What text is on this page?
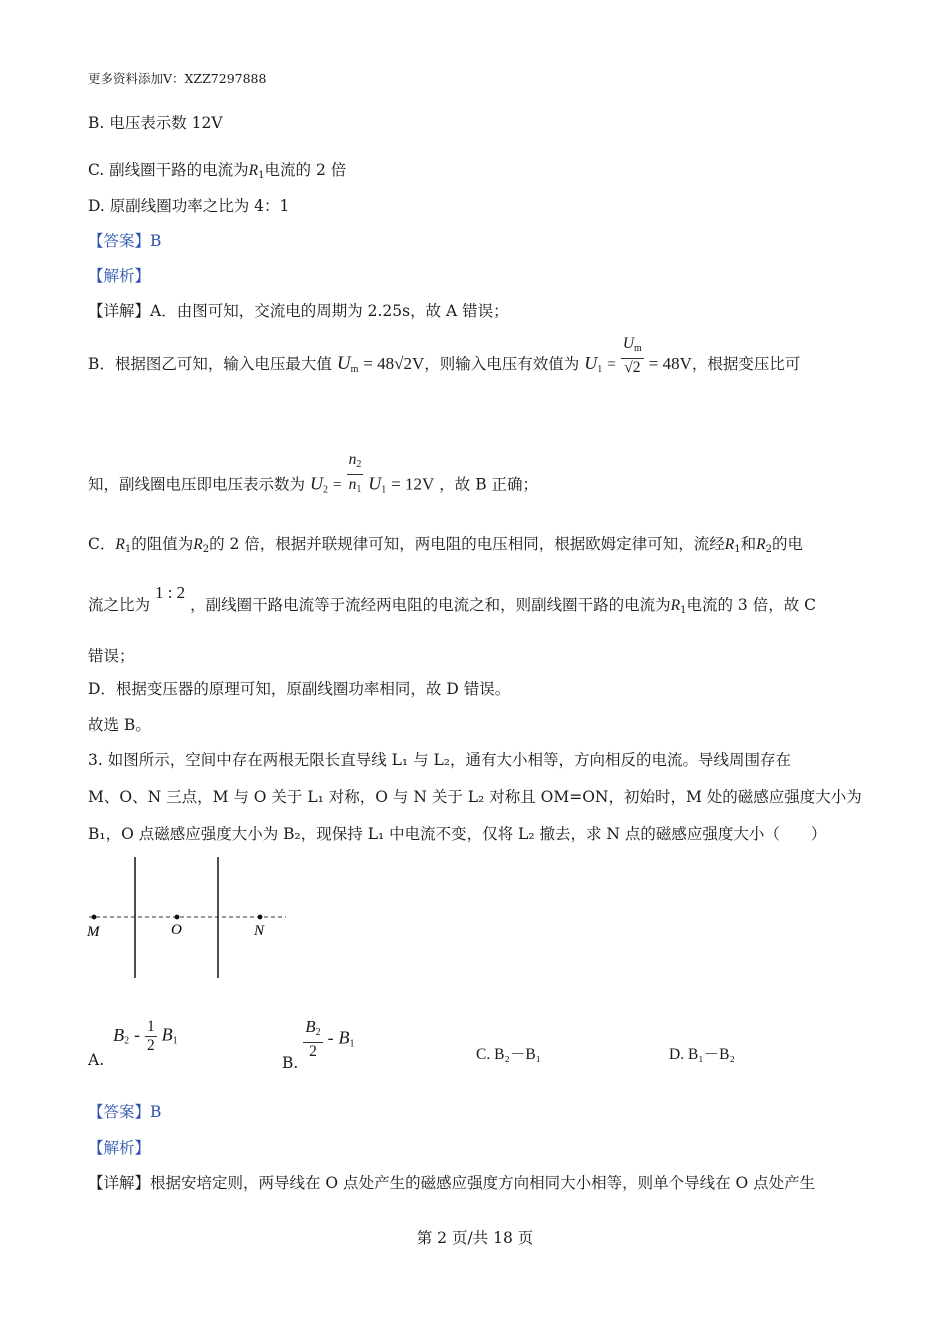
更多资料添加V：XZZ7297888
B. 电压表示数 12V
C. 副线圈干路的电流为$R_1$电流的 2 倍
D. 原副线圈功率之比为 4：1
【答案】B
【解析】
【详解】A．由图可知，交流电的周期为 2.25s，故 A 错误；
B．根据图乙可知，输入电压最大值 $U_m = 48√2V$，则输入电压有效值为 $U_1 = \frac{U_m}{√2} = 48V$，根据变压比可
知，副线圈电压即电压表示数为 $U_2 = \frac{n_2}{n_1} U_1 = 12V$ ，故 B 正确；
C．$R_1$的阻值为$R_2$的 2 倍，根据并联规律可知，两电阻的电压相同，根据欧姆定律可知，流经$R_1$和$R_2$的电
流之比为 1 : 2 ，副线圈干路电流等于流经两电阻的电流之和，则副线圈干路的电流为$R_1$电流的 3 倍，故 C
错误；
D．根据变压器的原理可知，原副线圈功率相同，故 D 错误。
故选 B。
3. 如图所示，空间中存在两根无限长直导线 L₁ 与 L₂，通有大小相等，方向相反的电流。导线周围存在
M、O、N 三点，M 与 O 关于 L₁ 对称，O 与 N 关于 L₂ 对称且 OM=ON，初始时，M 处的磁感应强度大小为
B₁，O 点磁感应强度大小为 B₂，现保持 L₁ 中电流不变，仅将 L₂ 撤去，求 N 点的磁感应强度大小（　　）
M	O	N
A. $B_2 - \frac{1}{2} B_1$
B.
$\frac{B_2}{2} - B_1$
C. B₂－B₁	D. B₁－B₂
【答案】B
【解析】
【详解】根据安培定则，两导线在 O 点处产生的磁感应强度方向相同大小相等，则单个导线在 O 点处产生
第 2 页/共 18 页
